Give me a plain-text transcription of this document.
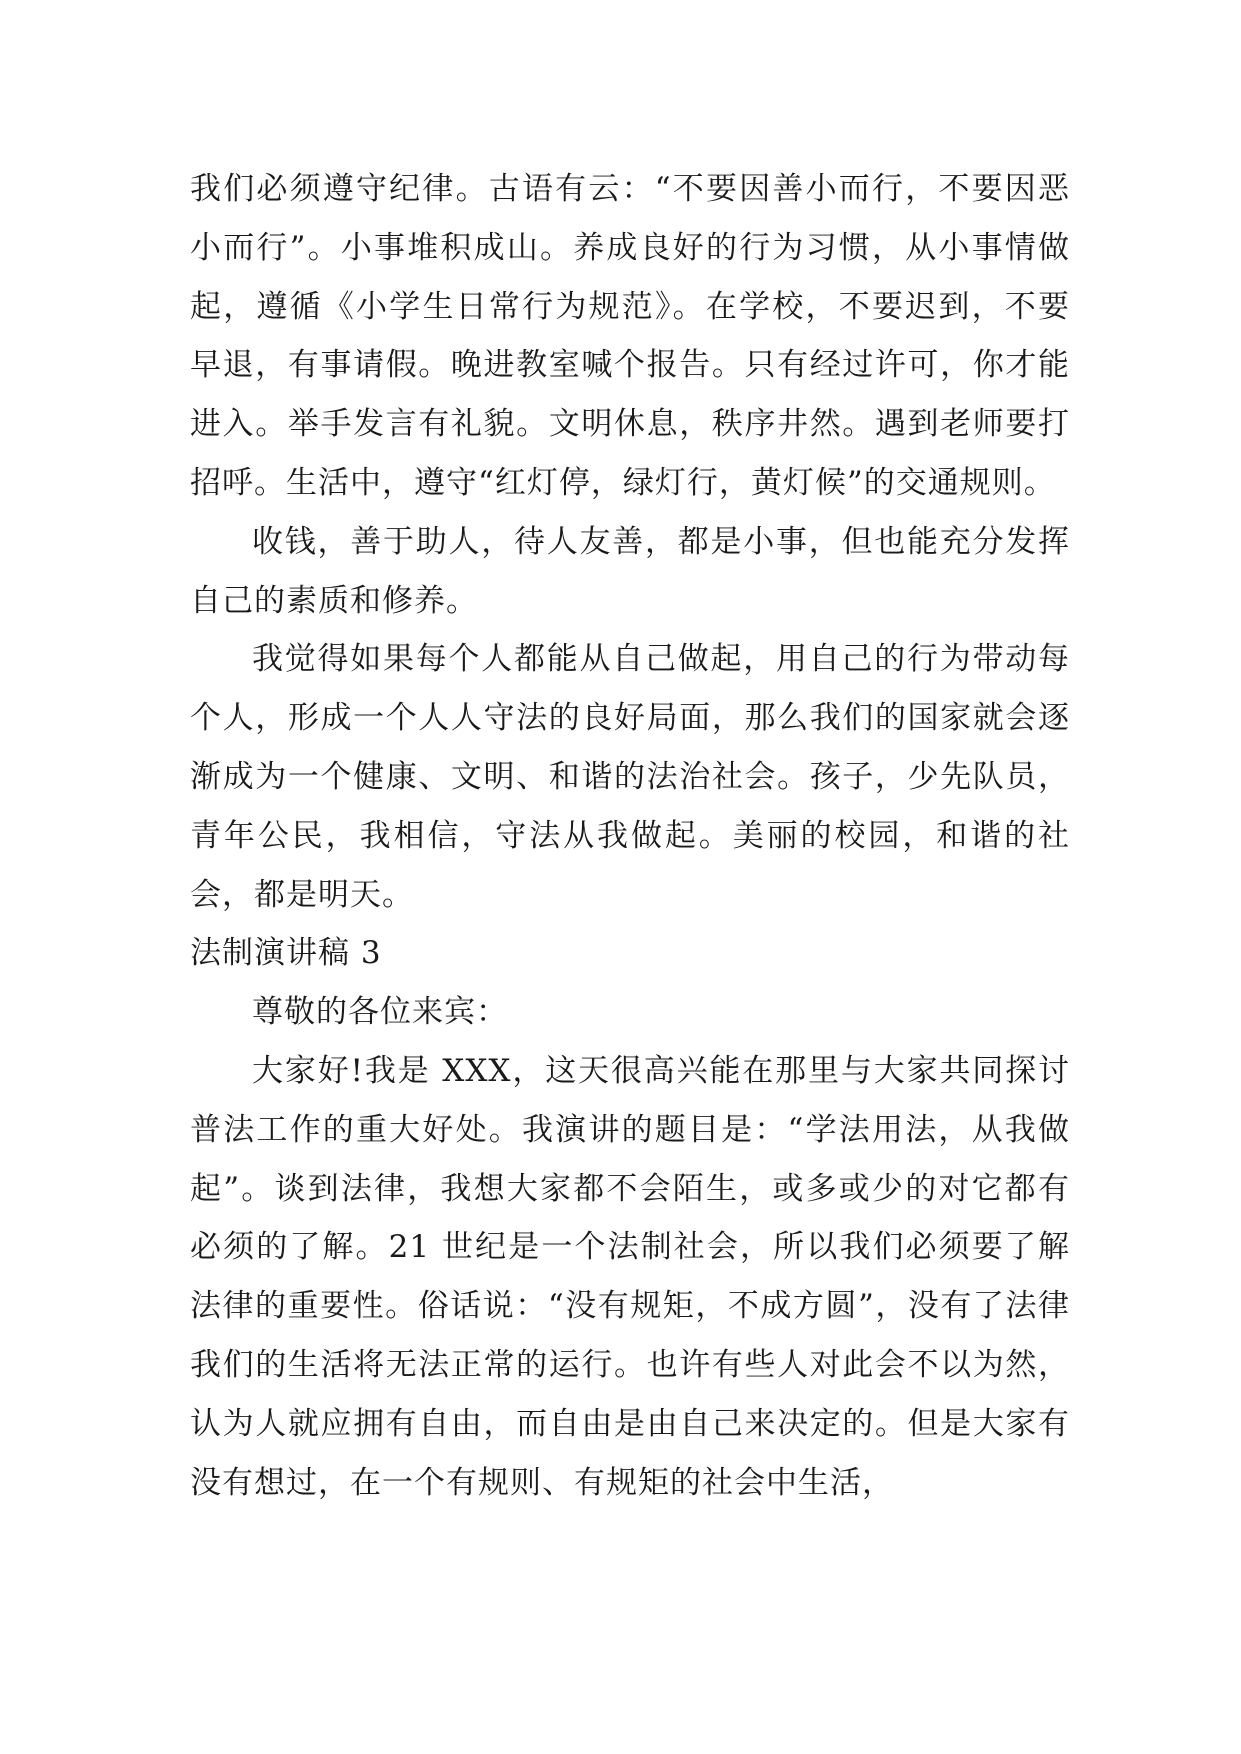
我们必须遵守纪律。古语有云：“不要因善小而行，不要因恶小而行”。小事堆积成山。养成良好的行为习惯，从小事情做起，遵循《小学生日常行为规范》。在学校，不要迟到，不要早退，有事请假。晚进教室喊个报告。只有经过许可，你才能进入。举手发言有礼貌。文明休息，秩序井然。遇到老师要打招呼。生活中，遵守“红灯停，绿灯行，黄灯候”的交通规则。

收钱，善于助人，待人友善，都是小事，但也能充分发挥自己的素质和修养。

我觉得如果每个人都能从自己做起，用自己的行为带动每个人，形成一个人人守法的良好局面，那么我们的国家就会逐渐成为一个健康、文明、和谐的法治社会。孩子，少先队员，青年公民，我相信，守法从我做起。美丽的校园，和谐的社会，都是明天。

法制演讲稿 3

尊敬的各位来宾：

大家好!我是 XXX，这天很高兴能在那里与大家共同探讨普法工作的重大好处。我演讲的题目是：“学法用法，从我做起”。谈到法律，我想大家都不会陌生，或多或少的对它都有必须的了解。21 世纪是一个法制社会，所以我们必须要了解法律的重要性。俗话说：“没有规矩，不成方圆”，没有了法律我们的生活将无法正常的运行。也许有些人对此会不以为然，认为人就应拥有自由，而自由是由自己来决定的。但是大家有没有想过，在一个有规则、有规矩的社会中生活，
